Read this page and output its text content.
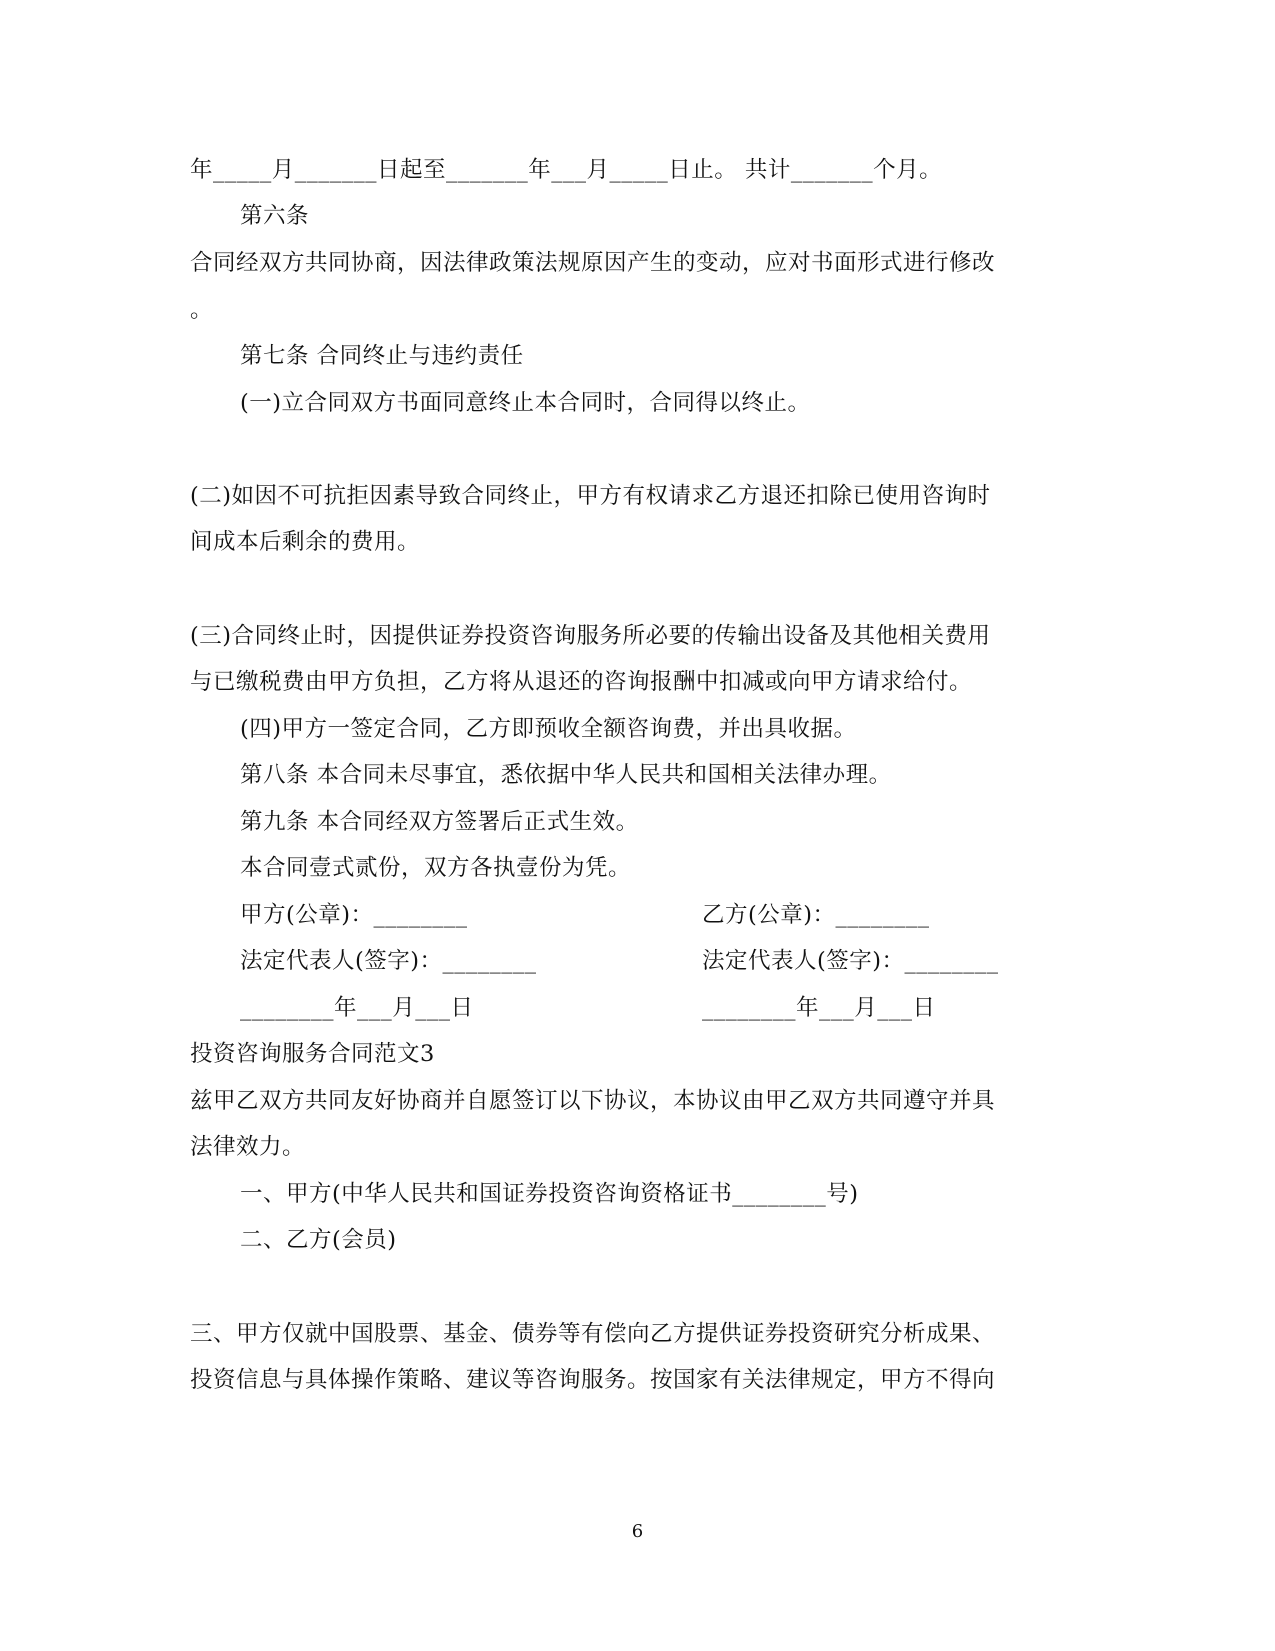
年_____月_______日起至_______年___月_____日止。 共计_______个月。
第六条
合同经双方共同协商，因法律政策法规原因产生的变动，应对书面形式进行修改
。
第七条 合同终止与违约责任
(一)立合同双方书面同意终止本合同时，合同得以终止。
(二)如因不可抗拒因素导致合同终止，甲方有权请求乙方退还扣除已使用咨询时
间成本后剩余的费用。
(三)合同终止时，因提供证券投资咨询服务所必要的传输出设备及其他相关费用
与已缴税费由甲方负担，乙方将从退还的咨询报酬中扣减或向甲方请求给付。
(四)甲方一签定合同，乙方即预收全额咨询费，并出具收据。
第八条 本合同未尽事宜，悉依据中华人民共和国相关法律办理。
第九条 本合同经双方签署后正式生效。
本合同壹式贰份，双方各执壹份为凭。
甲方(公章)：________	乙方(公章)：________
法定代表人(签字)：________	法定代表人(签字)：________
________年___月___日	________年___月___日
投资咨询服务合同范文3
兹甲乙双方共同友好协商并自愿签订以下协议，本协议由甲乙双方共同遵守并具
法律效力。
一、甲方(中华人民共和国证券投资咨询资格证书________号)
二、乙方(会员)
三、甲方仅就中国股票、基金、债券等有偿向乙方提供证券投资研究分析成果、
投资信息与具体操作策略、建议等咨询服务。按国家有关法律规定，甲方不得向
6
